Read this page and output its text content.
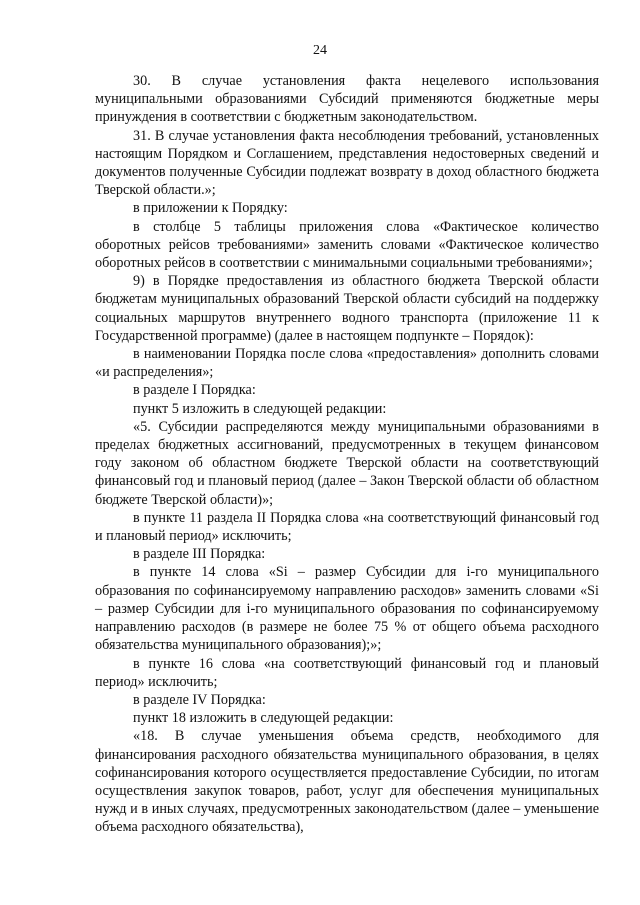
24

30. В случае установления факта нецелевого использования муниципальными образованиями Субсидий применяются бюджетные меры принуждения в соответствии с бюджетным законодательством.

31. В случае установления факта несоблюдения требований, установленных настоящим Порядком и Соглашением, представления недостоверных сведений и документов полученные Субсидии подлежат возврату в доход областного бюджета Тверской области.»;

в приложении к Порядку:

в столбце 5 таблицы приложения слова «Фактическое количество оборотных рейсов требованиями» заменить словами «Фактическое количество оборотных рейсов в соответствии с минимальными социальными требованиями»;

9) в Порядке предоставления из областного бюджета Тверской области бюджетам муниципальных образований Тверской области субсидий на поддержку социальных маршрутов внутреннего водного транспорта (приложение 11 к Государственной программе) (далее в настоящем подпункте – Порядок):

в наименовании Порядка после слова «предоставления» дополнить словами «и распределения»;

в разделе I Порядка:

пункт 5 изложить в следующей редакции:

«5. Субсидии распределяются между муниципальными образованиями в пределах бюджетных ассигнований, предусмотренных в текущем финансовом году законом об областном бюджете Тверской области на соответствующий финансовый год и плановый период (далее – Закон Тверской области об областном бюджете Тверской области)»;

в пункте 11 раздела II Порядка слова «на соответствующий финансовый год и плановый период» исключить;

в разделе III Порядка:

в пункте 14 слова «Si – размер Субсидии для i-го муниципального образования по софинансируемому направлению расходов» заменить словами «Si – размер Субсидии для i-го муниципального образования по софинансируемому направлению расходов (в размере не более 75 % от общего объема расходного обязательства муниципального образования);»;

в пункте 16 слова «на соответствующий финансовый год и плановый период» исключить;

в разделе IV Порядка:

пункт 18 изложить в следующей редакции:

«18. В случае уменьшения объема средств, необходимого для финансирования расходного обязательства муниципального образования, в целях софинансирования которого осуществляется предоставление Субсидии, по итогам осуществления закупок товаров, работ, услуг для обеспечения муниципальных нужд и в иных случаях, предусмотренных законодательством (далее – уменьшение объема расходного обязательства),
